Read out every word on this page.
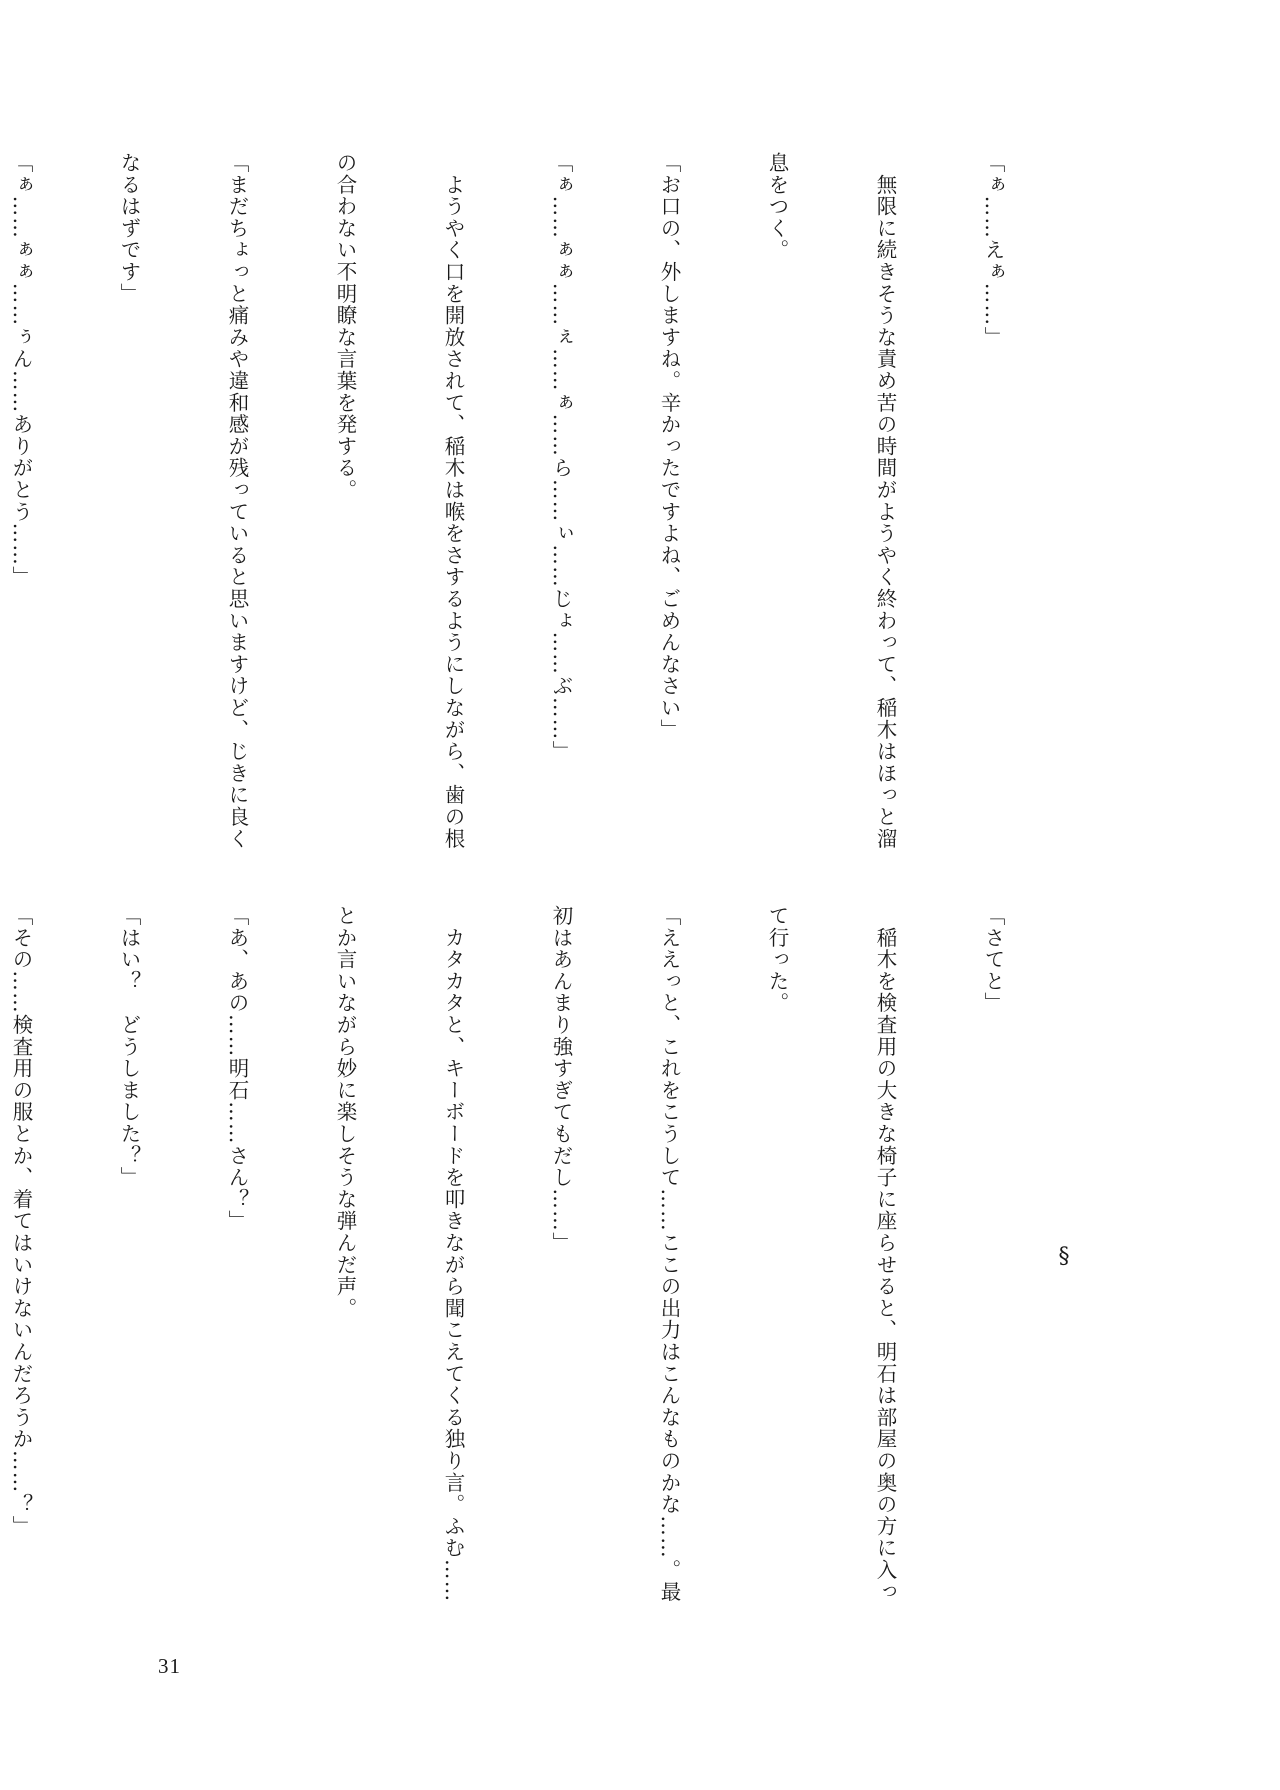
「ぁ……えぁ……」

　無限に続きそうな責め苦の時間がようやく終わって、稲木はほっと溜

息をつく。

「お口の、外しますね。辛かったですよね、ごめんなさい」

「ぁ……ぁぁ……ぇ……ぁ……ら……ぃ……じょ……ぶ……」

　ようやく口を開放されて、稲木は喉をさするようにしながら、歯の根

の合わない不明瞭な言葉を発する。

「まだちょっと痛みや違和感が残っていると思いますけど、じきに良く

なるはずです」

「ぁ……ぁぁ……ぅん……ありがとう……」

§

「さてと」

　稲木を検査用の大きな椅子に座らせると、明石は部屋の奥の方に入っ

て行った。

「ええっと、これをこうして……ここの出力はこんなものかな……。最

初はあんまり強すぎてもだし……」

　カタカタと、キーボードを叩きながら聞こえてくる独り言。ふむ……

とか言いながら妙に楽しそうな弾んだ声。

「あ、あの……明石……さん？」

「はい？　どうしました？」

「その……検査用の服とか、着てはいけないんだろうか……？」

31
